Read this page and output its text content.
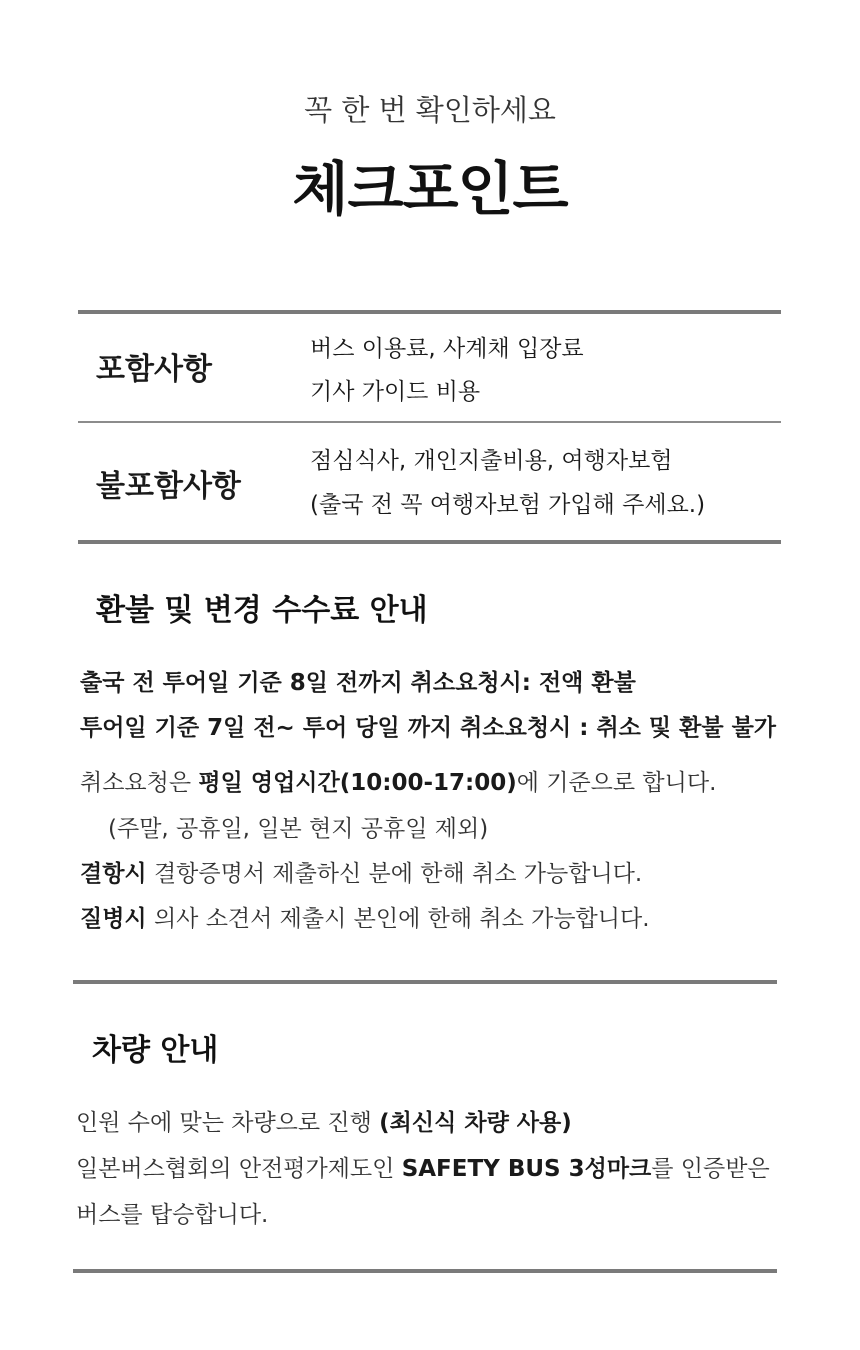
꼭 한 번 확인하세요
체크포인트
포함사항
버스 이용료, 사계채 입장료
기사 가이드 비용
불포함사항
점심식사, 개인지출비용, 여행자보험
(출국 전 꼭 여행자보험 가입해 주세요.)
환불 및 변경 수수료 안내
출국 전 투어일 기준 8일 전까지 취소요청시: 전액 환불
투어일 기준 7일 전~ 투어 당일 까지 취소요청시 : 취소 및 환불 불가
취소요청은 평일 영업시간(10:00-17:00)에 기준으로 합니다.
(주말, 공휴일, 일본 현지 공휴일 제외)
결항시 결항증명서 제출하신 분에 한해 취소 가능합니다.
질병시 의사 소견서 제출시 본인에 한해 취소 가능합니다.
차량 안내
인원 수에 맞는 차량으로 진행 (최신식 차량 사용)
일본버스협회의 안전평가제도인 SAFETY BUS 3성마크를 인증받은
버스를 탑승합니다.
